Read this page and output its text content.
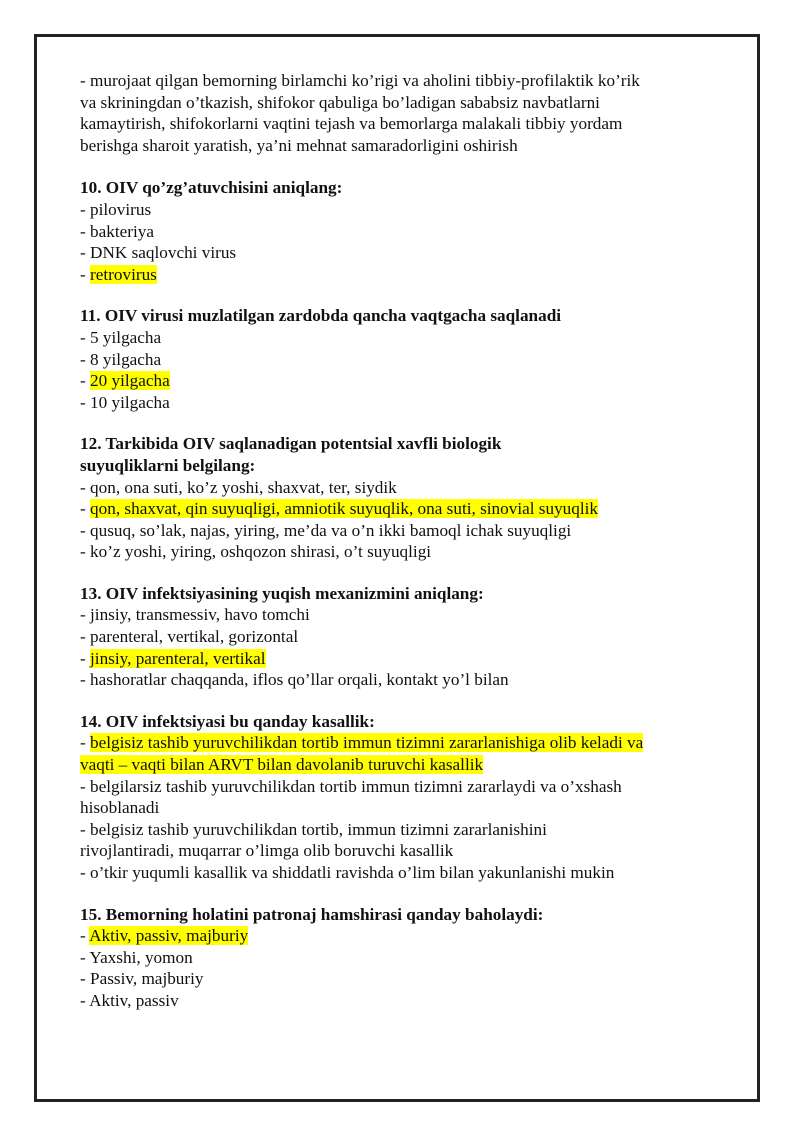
- murojaat qilgan bemorning birlamchi ko’rigi va aholini tibbiy-profilaktik ko’rik
va skriningdan o’tkazish, shifokor qabuliga bo’ladigan sababsiz navbatlarni
kamaytirish, shifokorlarni vaqtini tejash va bemorlarga malakali tibbiy yordam
berishga sharoit yaratish, ya’ni mehnat samaradorligini oshirish
10. OIV qo’zg’atuvchisini aniqlang:
- pilovirus
- bakteriya
- DNK saqlovchi virus
- retrovirus
11. OIV virusi muzlatilgan zardobda qancha vaqtgacha saqlanadi
- 5 yilgacha
- 8 yilgacha
- 20 yilgacha
- 10 yilgacha
12. Tarkibida OIV saqlanadigan potentsial xavfli biologik
suyuqliklarni belgilang:
- qon, ona suti, ko’z yoshi, shaxvat, ter, siydik
- qon, shaxvat, qin suyuqligi, amniotik suyuqlik, ona suti, sinovial suyuqlik
- qusuq, so’lak, najas, yiring, me’da va o’n ikki bamoql ichak suyuqligi
- ko’z yoshi, yiring, oshqozon shirasi, o’t suyuqligi
13. OIV infektsiyasining yuqish mexanizmini aniqlang:
- jinsiy, transmessiv, havo tomchi
- parenteral, vertikal, gorizontal
- jinsiy, parenteral, vertikal
- hashoratlar chaqqanda, iflos qo’llar orqali, kontakt yo’l bilan
14. OIV infektsiyasi bu qanday kasallik:
- belgisiz tashib yuruvchilikdan tortib immun tizimni zararlanishiga olib keladi va
vaqti – vaqti bilan ARVT bilan davolanib turuvchi kasallik
- belgilarsiz tashib yuruvchilikdan tortib immun tizimni zararlaydi va o’xshash
hisoblanadi
- belgisiz tashib yuruvchilikdan tortib, immun tizimni zararlanishini
rivojlantiradi, muqarrar o’limga olib boruvchi kasallik
- o’tkir yuqumli kasallik va shiddatli ravishda o’lim bilan yakunlanishi mukin
15. Bemorning holatini patronaj hamshirasi qanday baholaydi:
- Aktiv, passiv, majburiy
- Yaxshi, yomon
- Passiv, majburiy
- Aktiv, passiv
